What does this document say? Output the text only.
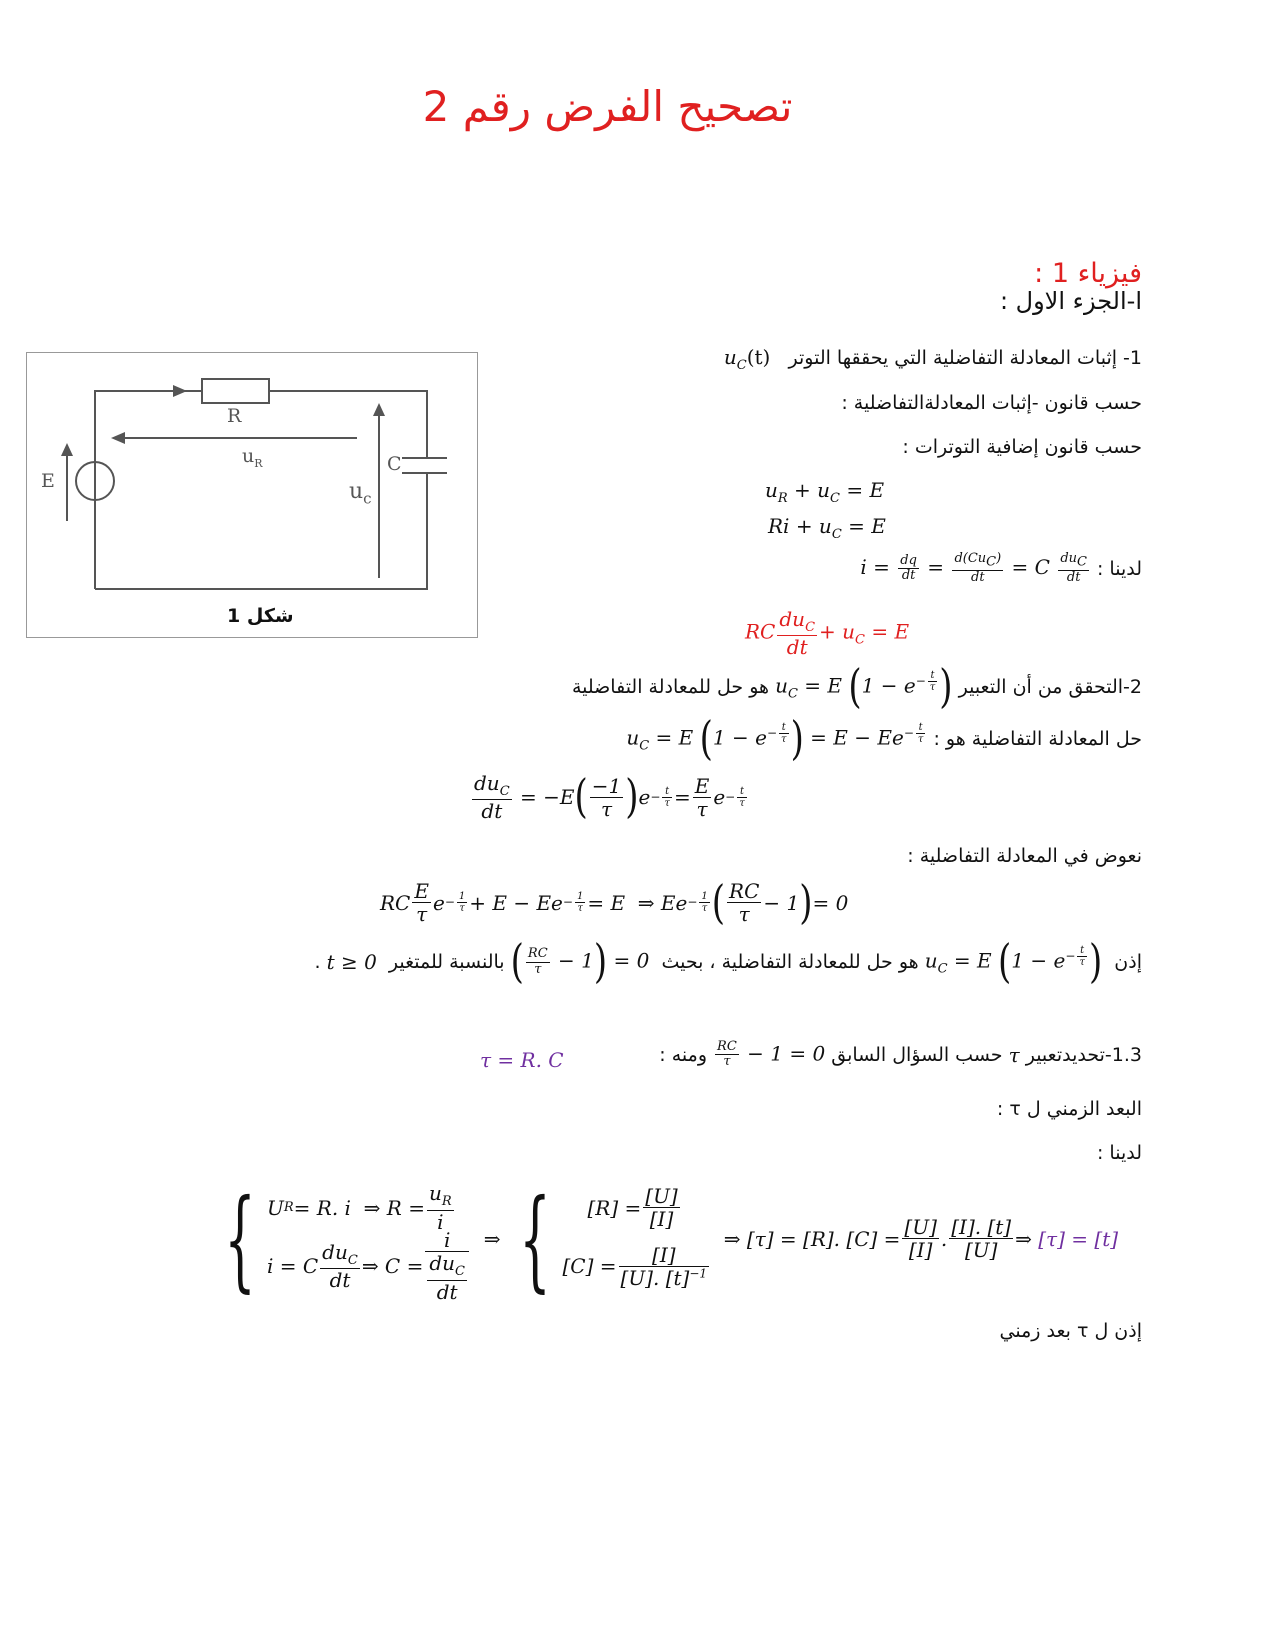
تصحيح الفرض رقم 2
فيزياء 1 :
ا-الجزء الاول :
R
$u_R$	C
$u_c$
E
شكل 1
1- إثبات المعادلة التفاضلية التي يحققها التوتر   $u_C(t)$
حسب قانون -إثبات المعادلةالتفاضلية :
حسب قانون إضافية التوترات :
$u_R + u_C = E$
$Ri + u_C = E$
$i = \frac{dq}{dt} = \frac{d(Cu_C)}{dt} = C \frac{du_C}{dt}$ لدينا :
RC $\frac{du_C}{dt} + u_C = E$
2-التحقق من أن التعبير

$u_C = E$ ($1 - e^{- \frac{t}{\tau}}$ )

هو حل للمعادلة التفاضلية
حل المعادلة التفاضلية هو :

$u_C = E$ ($1 - e^{- \frac{t}{\tau}}$ ) = $E - Ee^{- \frac{t}{\tau}}$
$\frac{du_C}{dt} = -E$ ( $\frac{-1}{\tau}$ ) $e - \frac{t}{\tau} = \frac{E}{\tau}$ $e - \frac{t}{\tau}$
نعوض في المعادلة التفاضلية :
RC $\frac{E}{\tau}$ $e - \frac{1}{\tau} + E - Ee - \frac{1}{\tau} = E$  ⇒ $Ee - \frac{1}{\tau}$ ( $\frac{RC}{\tau} - 1$ ) = 0
إذن

$u_C = E$ ($1 - e^{- \frac{t}{\tau}}$ )

هو حل للمعادلة التفاضلية ، بحيث

( $\frac{RC}{\tau} - 1) = 0$

بالنسبة للمتغير

t ≥ 0

.
1.3-تحديدتعبير

τ

حسب السؤال السابق

$\frac{RC}{\tau} - 1 = 0$

ومنه :
τ = R. C
البعد الزمني ل τ :
لدينا :
{ U R = R. i  ⇒ $R = \frac{u_R}{i}$
i = C $\frac{du_C}{dt}$ ⇒ $C = \frac{i}{\frac{du_C}{dt}}$ ⇒ {	$[R] = \frac{[U]}{[I]}$
$[C] = \frac{[I]}{[U]. [t]^{-1}}$
⇒ [τ] = [R]. $[C] = \frac{[U]}{[I]}$ . $\frac{[I]. [t]}{[U]}$ ⇒ [τ] = [t]
إذن ل τ بعد زمني
